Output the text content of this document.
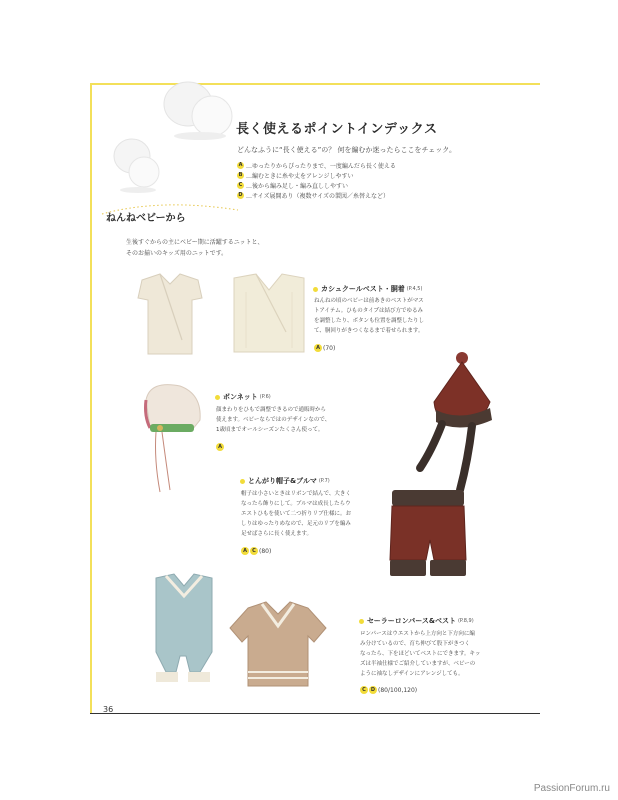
長く使えるポイントインデックス
どんなふうに“長く使える”の？ 何を編むか迷ったらここをチェック。
A …ゆったりからぴったりまで、一度編んだら長く使える
B …編むときに糸や丈をアレンジしやすい
C …後から編み足し・編み直ししやすい
D …サイズ展開あり（複数サイズの製図／糸替えなど）
ねんねベビーから
生後すぐからの主にベビー期に活躍するニットと、
そのお揃いのキッズ用のニットです。
カシュクールベスト・胴着 (P.4,5)
ねんねの頃のベビーは前あきのベストがマス
トアイテム。ひものタイプは結び方でゆるみ
を調整したり、ボタンも位置を調整したりし
て、胴回りがきつくなるまで着せられます。
A (70)
ボンネット (P.6)
顔まわりをひもで調整できるので通販時から
使えます。ベビーならではのデザインなので、
1歳頃までオールシーズンたくさん使って。
A
とんがり帽子&ブルマ (P.7)
帽子は小さいときはリボンで結んで、大きく
なったら飾りにして。ブルマは成長したらウ
エストひもを使いて二つ折りリブ仕様に。お
しりはゆったりめなので、足元のリブを編み
足せばさらに長く使えます。
A	C (80)
セーラーロンパース&ベスト (P.8,9)
ロンパースはウエストから上方向と下方向に編
み分けているので、育ち伸びて股下がきつく
なったら、下をほどいてベストにできます。キッ
ズは半袖仕様でご紹介していますが、ベビーの
ように袖なしデザインにアレンジしても。
C	D (80/100,120)
36
PassionForum.ru
